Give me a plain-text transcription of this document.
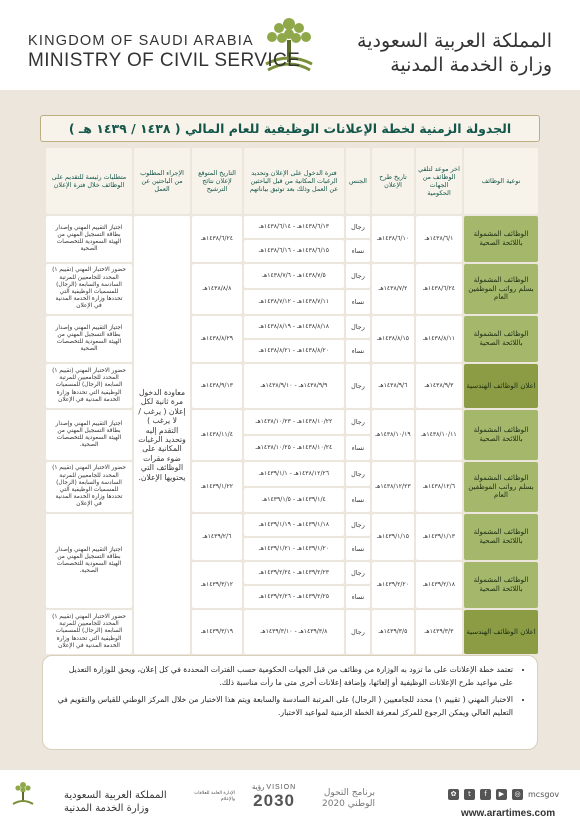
KINGDOM OF SAUDI ARABIA
MINISTRY OF CIVIL SERVICE
المملكة العربية السعودية
وزارة الخدمة المدنية
الجدولة الزمنية لخطة الإعلانات الوظيفية للعام المالي ( ١٤٣٨ / ١٤٣٩ هـ )
نوعية الوظائف	اخر موعد لتلقي الوظائف من الجهات الحكومية	تاريخ طرح الإعلان	الجنس	فترة الدخول على الإعلان وتحديد الرغبات المكانية من قبل الباحثين عن العمل وذلك بعد توثيق بياناتهم	التاريخ المتوقع لإعلان نتائج الترشيح	الإجراء المطلوب من الباحثين عن العمل	متطلبات رئيسة للتقديم على الوظائف خلال فترة الإعلان
الوظائف المشمولة باللائحة الصحية	١٤٣٨/٦/١هـ	١٤٣٨/٦/١٠هـ	رجال	١٤٣٨/٦/١٣هـ - ١٤٣٨/٦/١٤هـ	١٤٣٨/٦/٢٤هـ	معاودة الدخول مرة ثانية لكل إعلان ( يرغب / لا يرغب ) التقدم إليه وتحديد الرغبات المكانية على ضوء مقرات الوظائف التي يحتويها الإعلان.	اجتياز التقييم المهني وإصدار بطاقة التسجيل المهني من الهيئة السعودية للتخصصات الصحية
			نساء	١٤٣٨/٦/١٥هـ - ١٤٣٨/٦/١٦هـ			
الوظائف المشمولة بسلم رواتب الموظفين العام	١٤٣٨/٦/٢٤هـ	١٤٣٨/٧/٢هـ	رجال	١٤٣٨/٧/٥هـ - ١٤٣٨/٧/٦هـ	١٤٣٨/٨/٨هـ		حضور الاختبار المهني (تقييم ١) المحدد للجامعيين للمرتبة السادسة والسابعة (الرجال) للمسميات الوظيفية التي تحددها وزارة الخدمة المدنية في الإعلان
			نساء	١٤٣٨/٧/١١هـ - ١٤٣٨/٧/١٢هـ			
الوظائف المشمولة باللائحة الصحية	١٤٣٨/٨/١١هـ	١٤٣٨/٨/١٥هـ	رجال	١٤٣٨/٨/١٨هـ - ١٤٣٨/٨/١٩هـ	١٤٣٨/٨/٢٩هـ		اجتياز التقييم المهني وإصدار بطاقة التسجيل المهني من الهيئة السعودية للتخصصات الصحية
			نساء	١٤٣٨/٨/٢٠هـ - ١٤٣٨/٨/٢١هـ			
اعلان الوظائف الهندسية	١٤٣٨/٩/٣هـ	١٤٣٨/٩/٦هـ	رجال	١٤٣٨/٩/٩هـ - ١٤٣٨/٩/١٠هـ	١٤٣٨/٩/١٣هـ		حضور الاختبار المهني (تقييم ١) المحدد للجامعيين للمرتبة السابعة (الرجال) للمسميات الوظيفية التي تحددها وزارة الخدمة المدنية في الإعلان
الوظائف المشمولة باللائحة الصحية	١٤٣٨/١٠/١١هـ	١٤٣٨/١٠/١٩هـ	رجال	١٤٣٨/١٠/٢٢هـ - ١٤٣٨/١٠/٢٣هـ	١٤٣٨/١١/٤هـ		اجتياز التقييم المهني وإصدار بطاقة التسجيل المهني من الهيئة السعودية للتخصصات الصحية.
			نساء	١٤٣٨/١٠/٢٤هـ - ١٤٣٨/١٠/٢٥هـ			
الوظائف المشمولة بسلم رواتب الموظفين العام	١٤٣٨/١٢/٦هـ	١٤٣٨/١٢/٢٣هـ	رجال	١٤٣٨/١٢/٢٦هـ - ١٤٣٩/١/١هـ	١٤٣٩/١/٢٢هـ		حضور الاختبار المهني (تقييم ١) المحدد للجامعيين للمرتبة السادسة والسابعة (الرجال) للمسميات الوظيفية التي تحددها وزارة الخدمة المدنية في الإعلان
			نساء	١٤٣٩/١/٤هـ - ١٤٣٩/١/٥هـ			
الوظائف المشمولة باللائحة الصحية	١٤٣٩/١/١٣هـ	١٤٣٩/١/١٥هـ	رجال	١٤٣٩/١/١٨هـ - ١٤٣٩/١/١٩هـ	١٤٣٩/٢/٦هـ		اجتياز التقييم المهني وإصدار بطاقة التسجيل المهني من الهيئة السعودية للتخصصات الصحية.
			نساء	١٤٣٩/١/٢٠هـ - ١٤٣٩/١/٢١هـ			
الوظائف المشمولة باللائحة الصحية	١٤٣٩/٢/١٨هـ	١٤٣٩/٢/٢٠هـ	رجال	١٤٣٩/٢/٢٣هـ - ١٤٣٩/٢/٢٤هـ	١٤٣٩/٣/١٢هـ		
			نساء	١٤٣٩/٢/٢٥هـ - ١٤٣٩/٢/٢٦هـ			
اعلان الوظائف الهندسية	١٤٣٩/٣/٣هـ	١٤٣٩/٣/٥هـ	رجال	١٤٣٩/٣/٨هـ - ١٤٣٩/٣/١٠هـ	١٤٣٩/٣/١٩هـ		حضور الاختبار المهني (تقييم ١) المحدد للجامعيين للمرتبة السابعة (الرجال) للمسميات الوظيفية التي تحددها وزارة الخدمة المدنية في الإعلان
• تعتمد خطة الإعلانات على ما تزود به الوزارة من وظائف من قبل الجهات الحكومية حسب الفترات المحددة في كل إعلان، ويحق للوزارة التعديل على مواعيد طرح الإعلانات الوظيفية أو إلغائها، وإضافة إعلانات أخرى متى ما رأت مناسبة ذلك.
• الاختبار المهني ( تقييم ١) محدد للجامعيين ( الرجال) على المرتبة السادسة والسابعة ويتم هذا الاختبار من خلال المركز الوطني للقياس والتقويم في التعليم العالي ويمكن الرجوع للمركز لمعرفة الخطة الزمنية لمواعيد الاختبار.
المملكة العربية السعودية
وزارة الخدمة المدنية
الإدارة العامة للعلاقات والإعلام
رؤية VISION
2030	برنامج التحول
الوطني 2020
✿	t	f	▶	◎ mcsgov
www.arartimes.com
